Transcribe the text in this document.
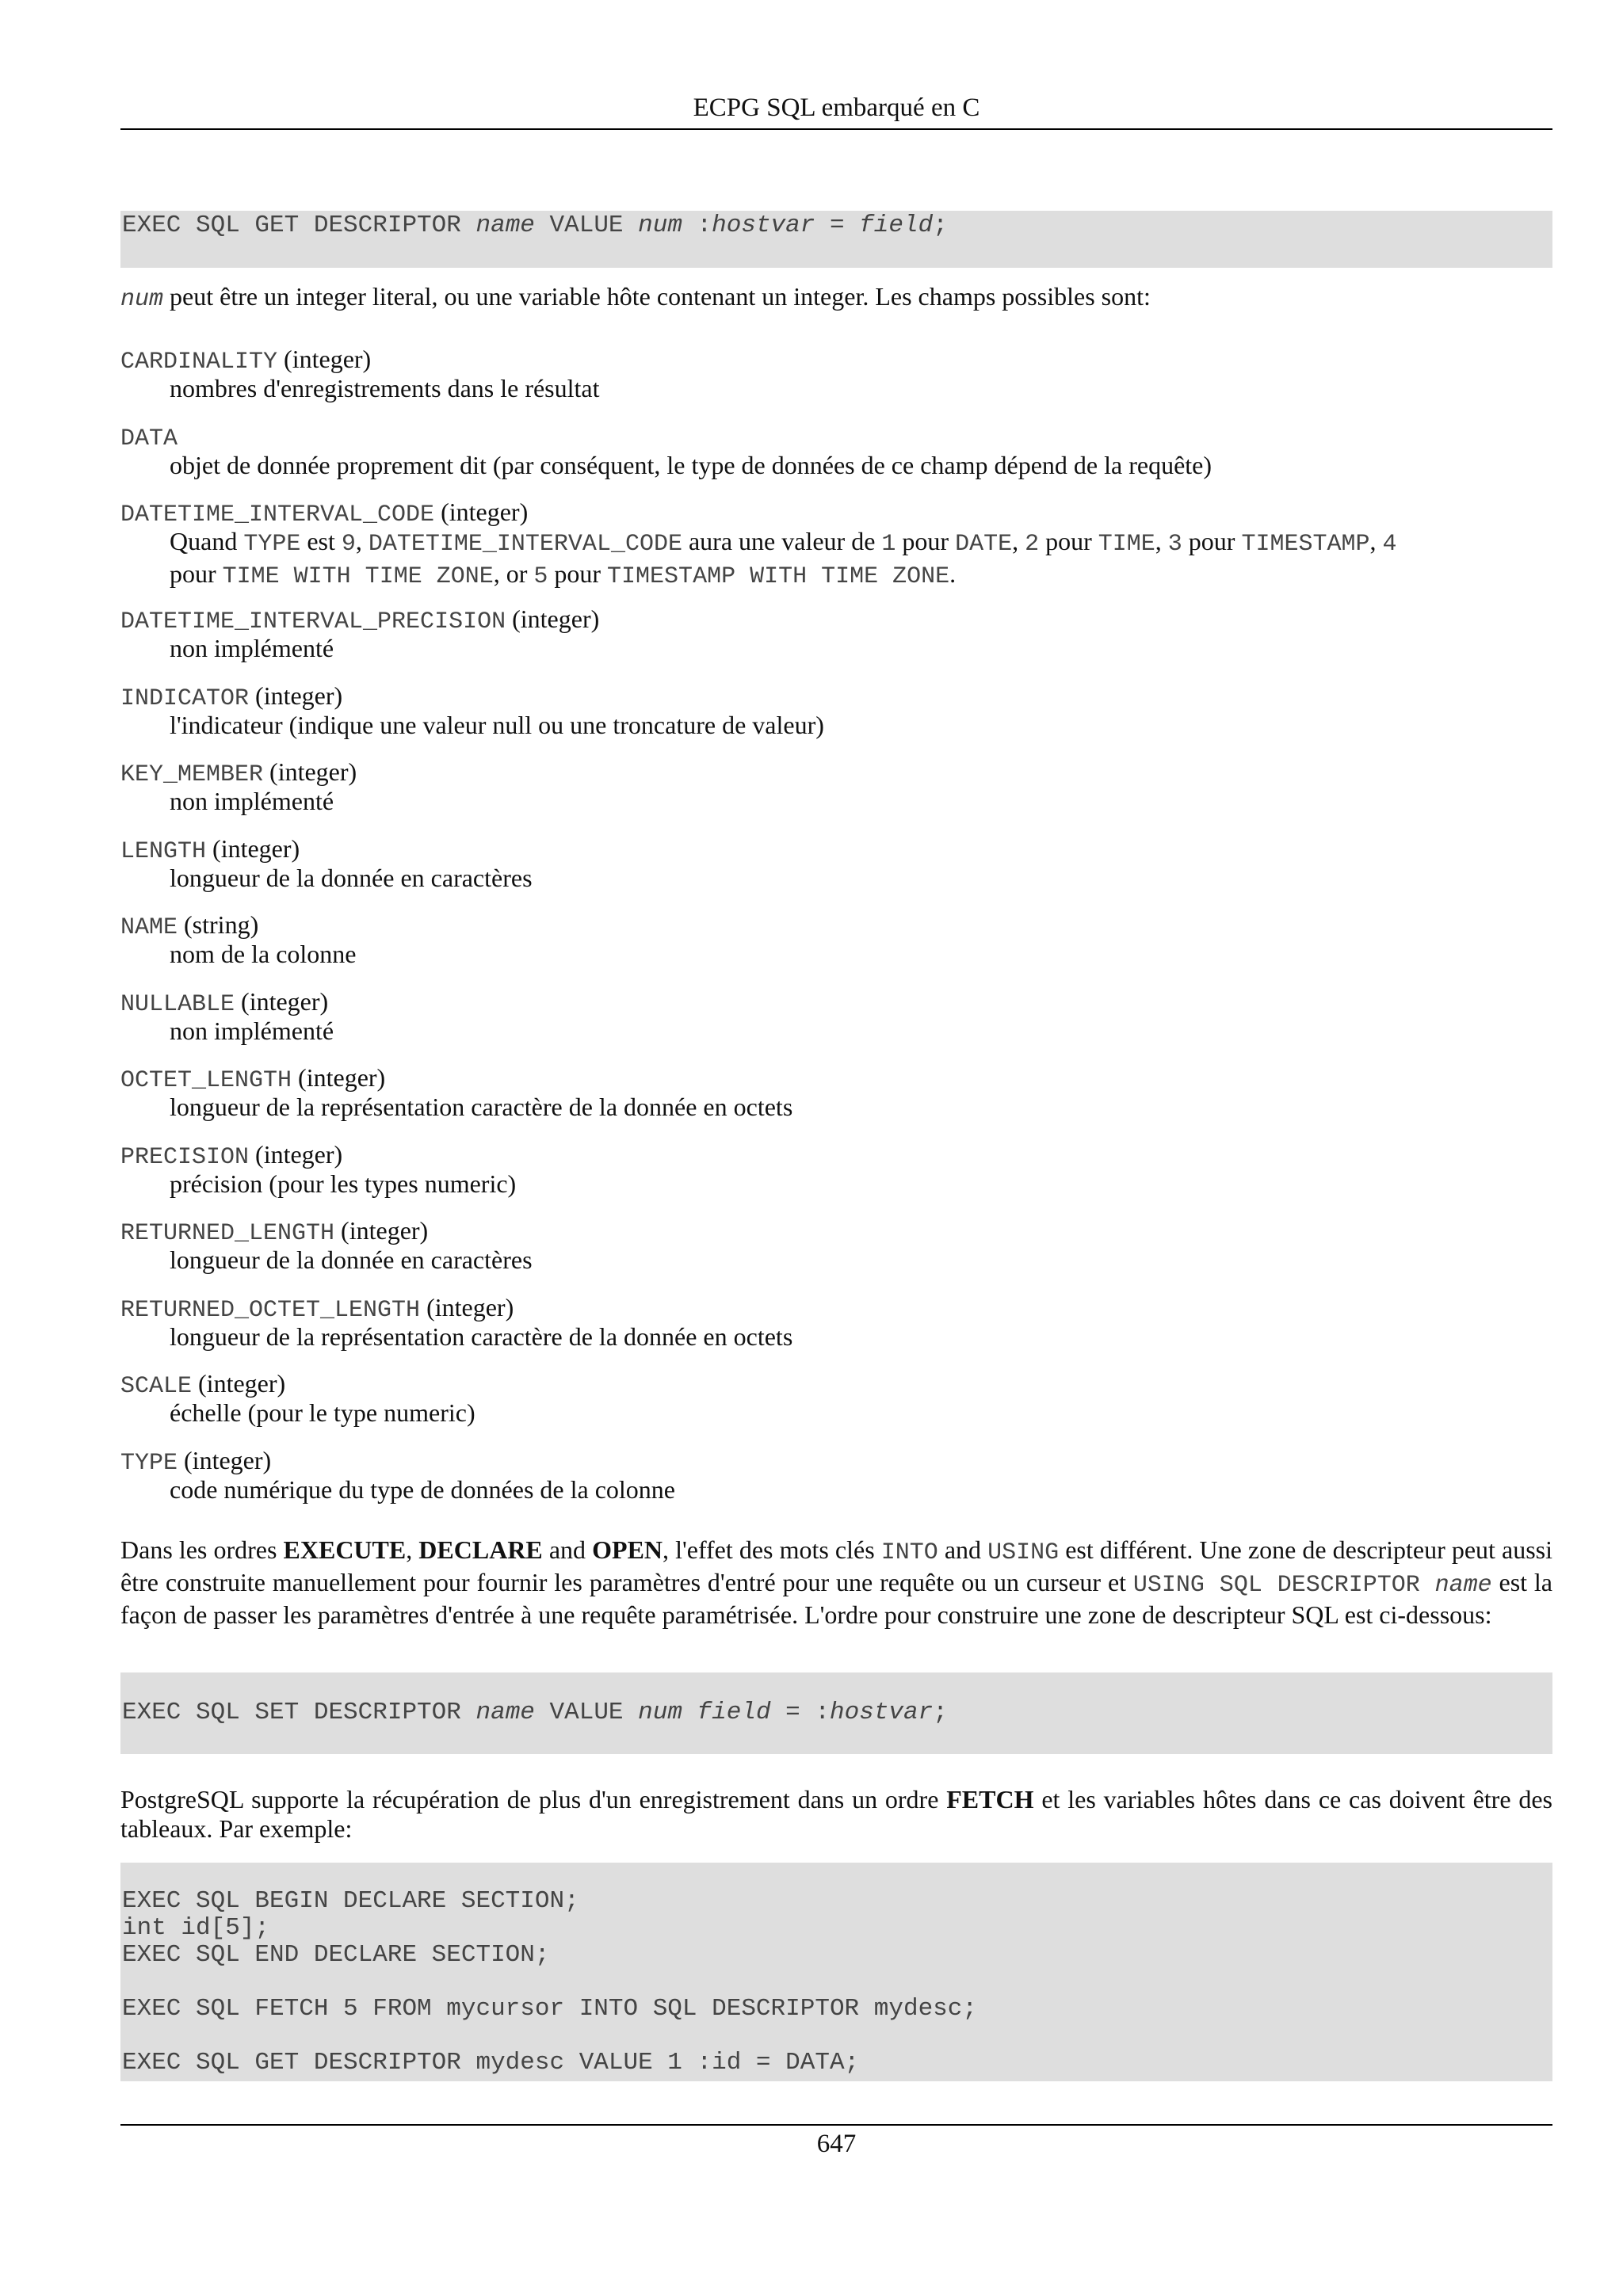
ECPG SQL embarqué en C
EXEC SQL GET DESCRIPTOR name VALUE num :hostvar = field;
num peut être un integer literal, ou une variable hôte contenant un integer. Les champs possibles sont:
CARDINALITY (integer)
nombres d'enregistrements dans le résultat
DATA
objet de donnée proprement dit (par conséquent, le type de données de ce champ dépend de la requête)
DATETIME_INTERVAL_CODE (integer)
Quand TYPE est 9, DATETIME_INTERVAL_CODE aura une valeur de 1 pour DATE, 2 pour TIME, 3 pour TIMESTAMP, 4
pour TIME WITH TIME ZONE, or 5 pour TIMESTAMP WITH TIME ZONE.
DATETIME_INTERVAL_PRECISION (integer)
non implémenté
INDICATOR (integer)
l'indicateur (indique une valeur null ou une troncature de valeur)
KEY_MEMBER (integer)
non implémenté
LENGTH (integer)
longueur de la donnée en caractères
NAME (string)
nom de la colonne
NULLABLE (integer)
non implémenté
OCTET_LENGTH (integer)
longueur de la représentation caractère de la donnée en octets
PRECISION (integer)
précision (pour les types numeric)
RETURNED_LENGTH (integer)
longueur de la donnée en caractères
RETURNED_OCTET_LENGTH (integer)
longueur de la représentation caractère de la donnée en octets
SCALE (integer)
échelle (pour le type numeric)
TYPE (integer)
code numérique du type de données de la colonne
Dans les ordres EXECUTE, DECLARE and OPEN, l'effet des mots clés INTO and USING est différent. Une zone de descripteur peut aussi être construite manuellement pour fournir les paramètres d'entré pour une requête ou un curseur et USING SQL DESCRIPTOR name est la façon de passer les paramètres d'entrée à une requête paramétrisée. L'ordre pour construire une zone de descripteur SQL est ci-dessous:
EXEC SQL SET DESCRIPTOR name VALUE num field = :hostvar;
PostgreSQL supporte la récupération de plus d'un enregistrement dans un ordre FETCH et les variables hôtes dans ce cas doivent être des tableaux. Par exemple:
EXEC SQL BEGIN DECLARE SECTION;
int id[5];
EXEC SQL END DECLARE SECTION;
EXEC SQL FETCH 5 FROM mycursor INTO SQL DESCRIPTOR mydesc;
EXEC SQL GET DESCRIPTOR mydesc VALUE 1 :id = DATA;
647
